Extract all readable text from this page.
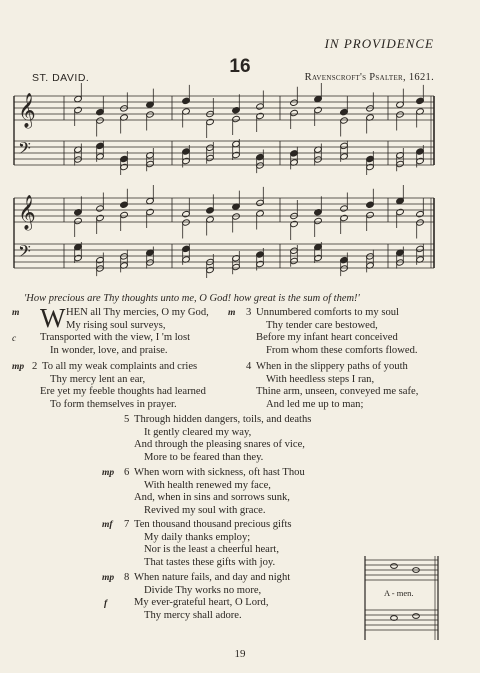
IN PROVIDENCE
16
ST. DAVID.	Ravenscroft's Psalter, 1621.
𝄞
𝄢
𝄞
𝄢
'How precious are Thy thoughts unto me, O God! how great is the sum of them!'
m W HEN all Thy mercies, O my God,
My rising soul surveys,
c Transported with the view, I 'm lost
In wonder, love, and praise.
mp 2 To all my weak complaints and cries
Thy mercy lent an ear,
Ere yet my feeble thoughts had learned
To form themselves in prayer.
m 3 Unnumbered comforts to my soul
Thy tender care bestowed,
Before my infant heart conceived
From whom these comforts flowed.
4 When in the slippery paths of youth
With heedless steps I ran,
Thine arm, unseen, conveyed me safe,
And led me up to man;
5 Through hidden dangers, toils, and deaths
It gently cleared my way,
And through the pleasing snares of vice,
More to be feared than they.
mp 6 When worn with sickness, oft hast Thou
With health renewed my face,
And, when in sins and sorrows sunk,
Revived my soul with grace.
mf 7 Ten thousand thousand precious gifts
My daily thanks employ;
Nor is the least a cheerful heart,
That tastes these gifts with joy.
mp 8 When nature fails, and day and night
Divide Thy works no more,
f	My ever-grateful heart, O Lord,
Thy mercy shall adore.
A - men.
19
